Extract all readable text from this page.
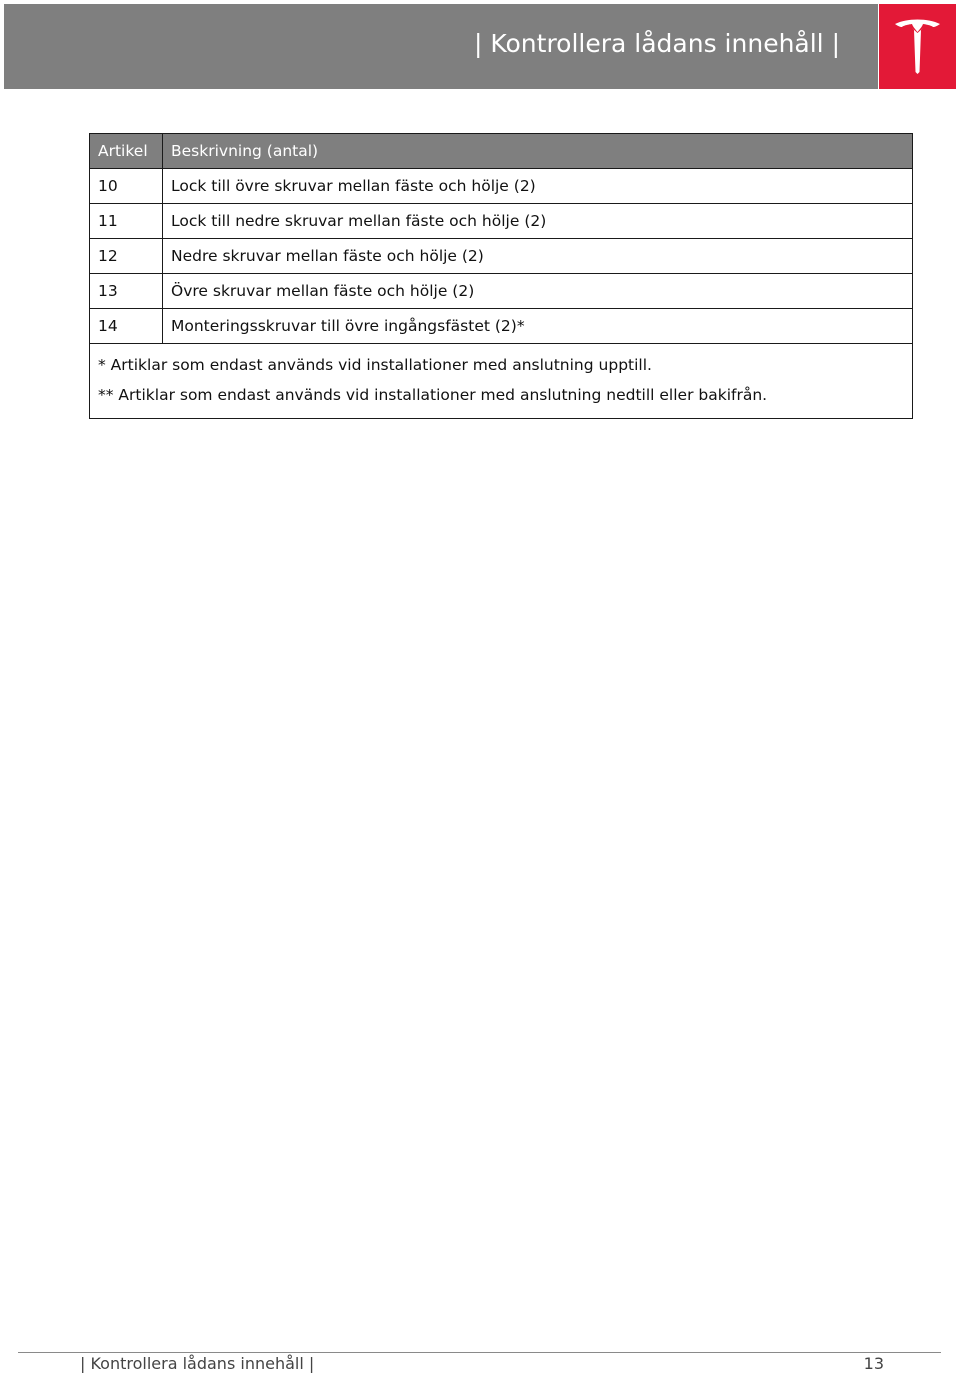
| Kontrollera lådans innehåll |
Artikel	Beskrivning (antal)
10	Lock till övre skruvar mellan fäste och hölje (2)
11	Lock till nedre skruvar mellan fäste och hölje (2)
12	Nedre skruvar mellan fäste och hölje (2)
13	Övre skruvar mellan fäste och hölje (2)
14	Monteringsskruvar till övre ingångsfästet (2)*

* Artiklar som endast används vid installationer med anslutning upptill.
** Artiklar som endast används vid installationer med anslutning nedtill eller bakifrån.	
| Kontrollera lådans innehåll |	13
